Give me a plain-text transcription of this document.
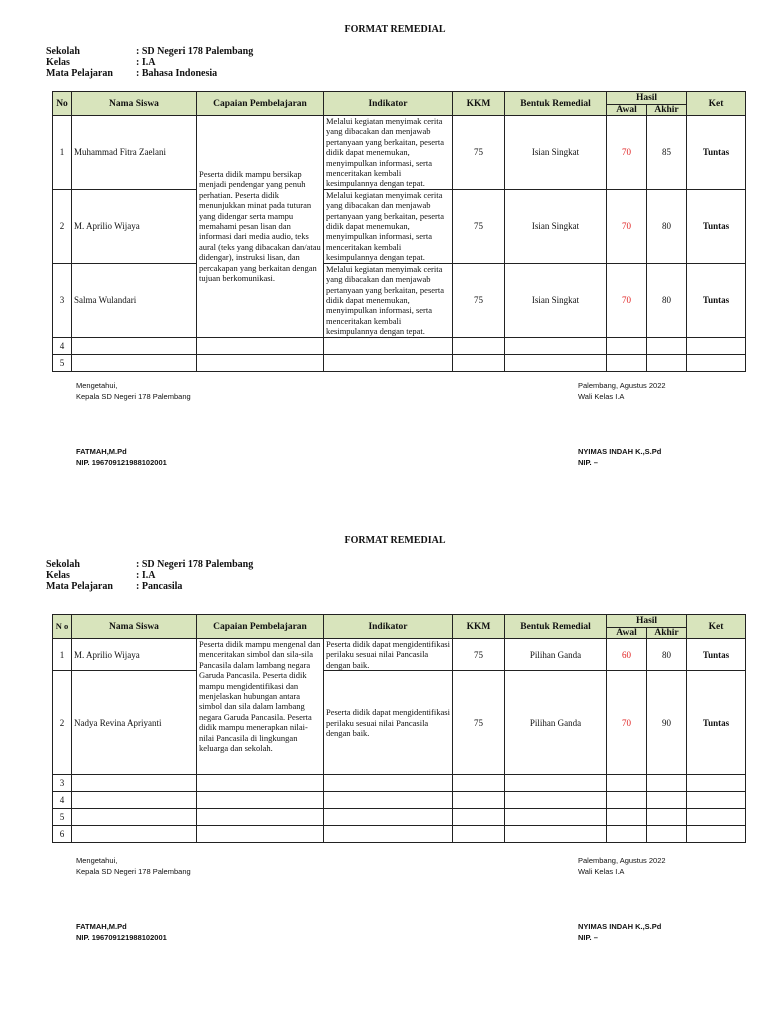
FORMAT REMEDIAL
Sekolah	: SD Negeri 178 Palembang
Kelas	: I.A
Mata Pelajaran	: Bahasa Indonesia
No	Nama Siswa	Capaian Pembelajaran	Indikator	KKM	Bentuk Remedial	Hasil		Ket
						Awal	Akhir	
1	Muhammad Fitra Zaelani	Peserta didik mampu bersikap menjadi pendengar yang penuh perhatian. Peserta didik menunjukkan minat pada tuturan yang didengar serta mampu memahami pesan lisan dan informasi dari media audio, teks aural (teks yang dibacakan dan/atau didengar), instruksi lisan, dan percakapan yang berkaitan dengan tujuan berkomunikasi.	Melalui kegiatan menyimak cerita yang dibacakan dan menjawab pertanyaan yang berkaitan, peserta didik dapat menemukan, menyimpulkan informasi, serta menceritakan kembali kesimpulannya dengan tepat.	75	Isian Singkat	70	85	Tuntas
2	M. Aprilio Wijaya		Melalui kegiatan menyimak cerita yang dibacakan dan menjawab pertanyaan yang berkaitan, peserta didik dapat menemukan, menyimpulkan informasi, serta menceritakan kembali kesimpulannya dengan tepat.	75	Isian Singkat	70	80	Tuntas
3	Salma Wulandari		Melalui kegiatan menyimak cerita yang dibacakan dan menjawab pertanyaan yang berkaitan, peserta didik dapat menemukan, menyimpulkan informasi, serta menceritakan kembali kesimpulannya dengan tepat.	75	Isian Singkat	70	80	Tuntas
4								
5								
Mengetahui,
Kepala SD Negeri 178 Palembang
FATMAH,M.Pd
NIP. 196709121988102001
Palembang, Agustus 2022
Wali Kelas I.A
NYIMAS INDAH K.,S.Pd
NIP. –
FORMAT REMEDIAL
Sekolah	: SD Negeri 178 Palembang
Kelas	: I.A
Mata Pelajaran	: Pancasila
N o	Nama Siswa	Capaian Pembelajaran	Indikator	KKM	Bentuk Remedial	Hasil		Ket
						Awal	Akhir	
1	M. Aprilio Wijaya	Peserta didik mampu mengenal dan menceritakan simbol dan sila-sila Pancasila dalam lambang negara Garuda Pancasila. Peserta didik mampu mengidentifikasi dan menjelaskan hubungan antara simbol dan sila dalam lambang negara Garuda Pancasila. Peserta didik mampu menerapkan nilai-nilai Pancasila di lingkungan keluarga dan sekolah.	Peserta didik dapat mengidentifikasi perilaku sesuai nilai Pancasila dengan baik.	75	Pilihan Ganda	60	80	Tuntas
2	Nadya Revina Apriyanti		Peserta didik dapat mengidentifikasi perilaku sesuai nilai Pancasila dengan baik.	75	Pilihan Ganda	70	90	Tuntas
3								
4								
5								
6								
Mengetahui,
Kepala SD Negeri 178 Palembang
FATMAH,M.Pd
NIP. 196709121988102001
Palembang, Agustus 2022
Wali Kelas I.A
NYIMAS INDAH K.,S.Pd
NIP. –
